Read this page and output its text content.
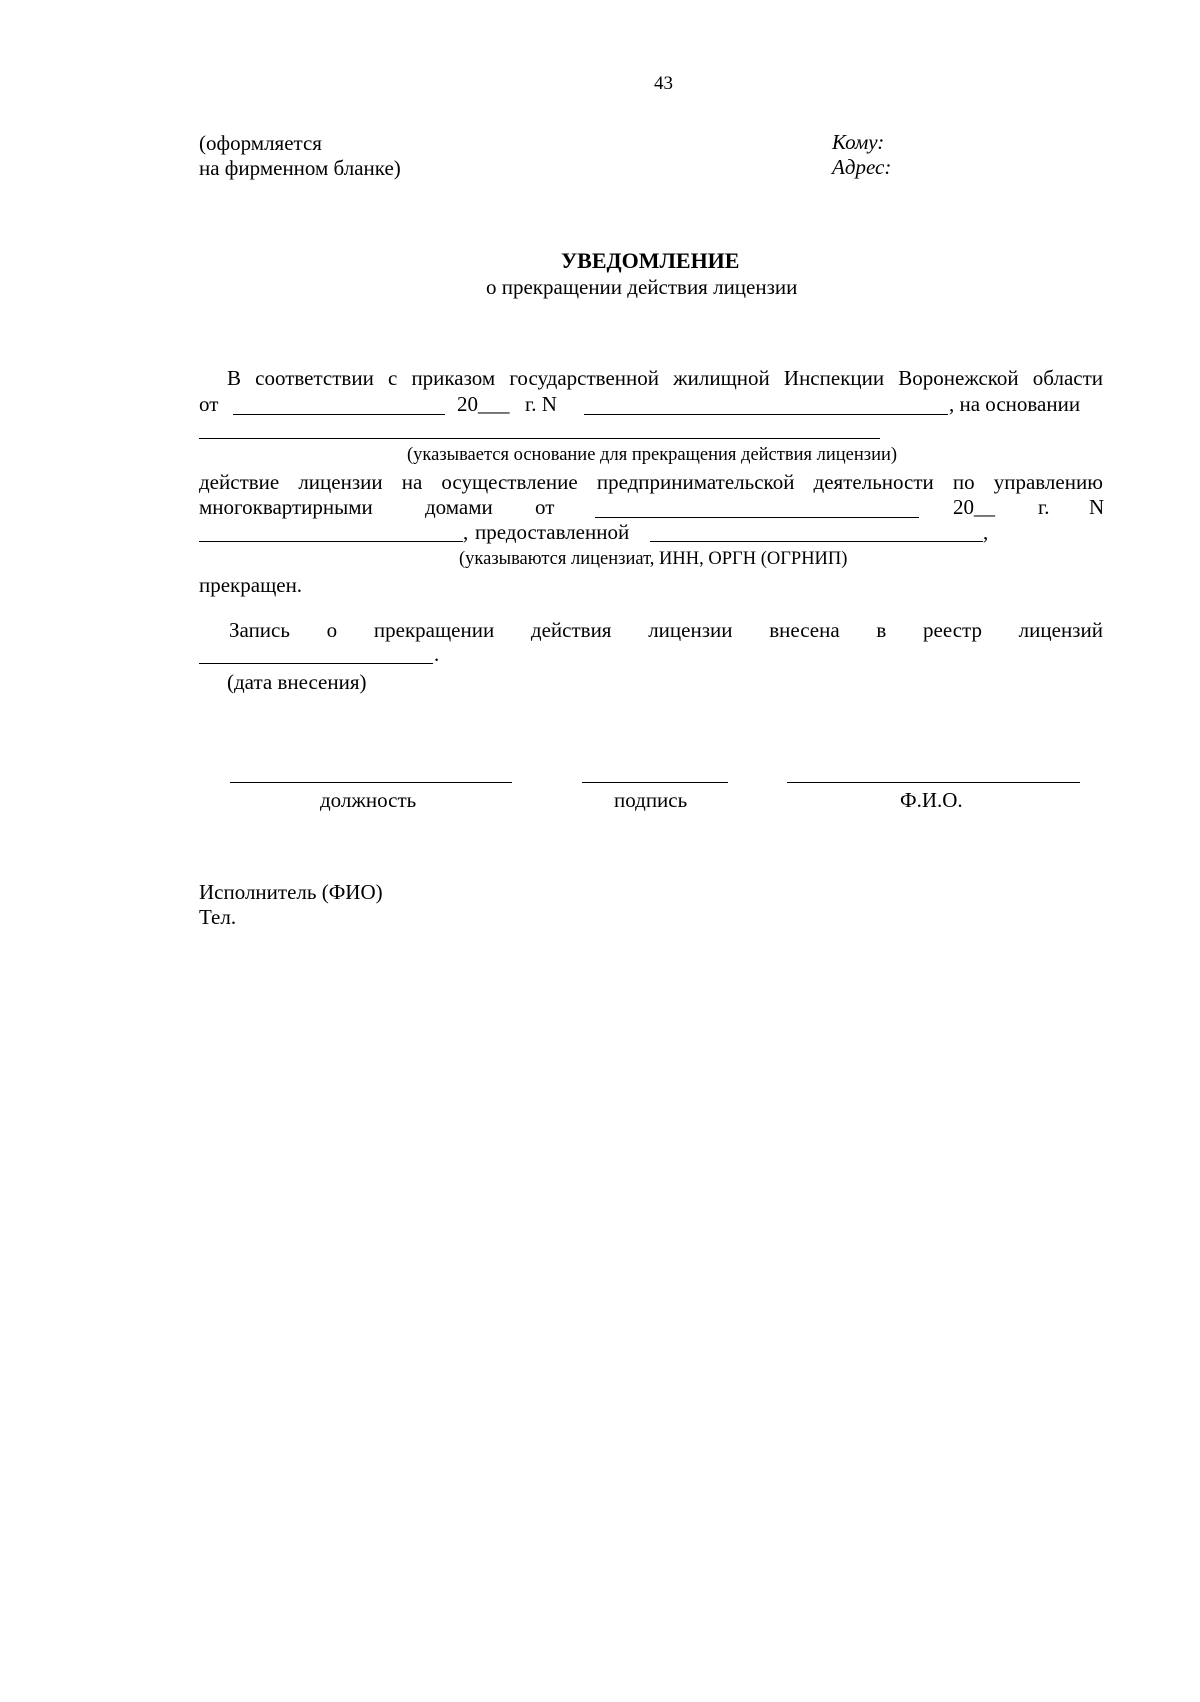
43
(оформляется
на фирменном бланке)
Кому:
Адрес:
УВЕДОМЛЕНИЕ
о прекращении действия лицензии
В соответствии с приказом государственной жилищной Инспекции Воронежской области
от	20___ г. N	, на основании
(указывается основание для прекращения действия лицензии)
действие лицензии на осуществление предпринимательской деятельности по управлению
многоквартирными домами от	20__ г. N
, предоставленной	,
(указываются лицензиат, ИНН, ОРГН (ОГРНИП)
прекращен.
Запись о прекращении действия лицензии внесена в реестр лицензий
.
(дата внесения)
должность	подпись	Ф.И.О.
Исполнитель (ФИО)
Тел.
